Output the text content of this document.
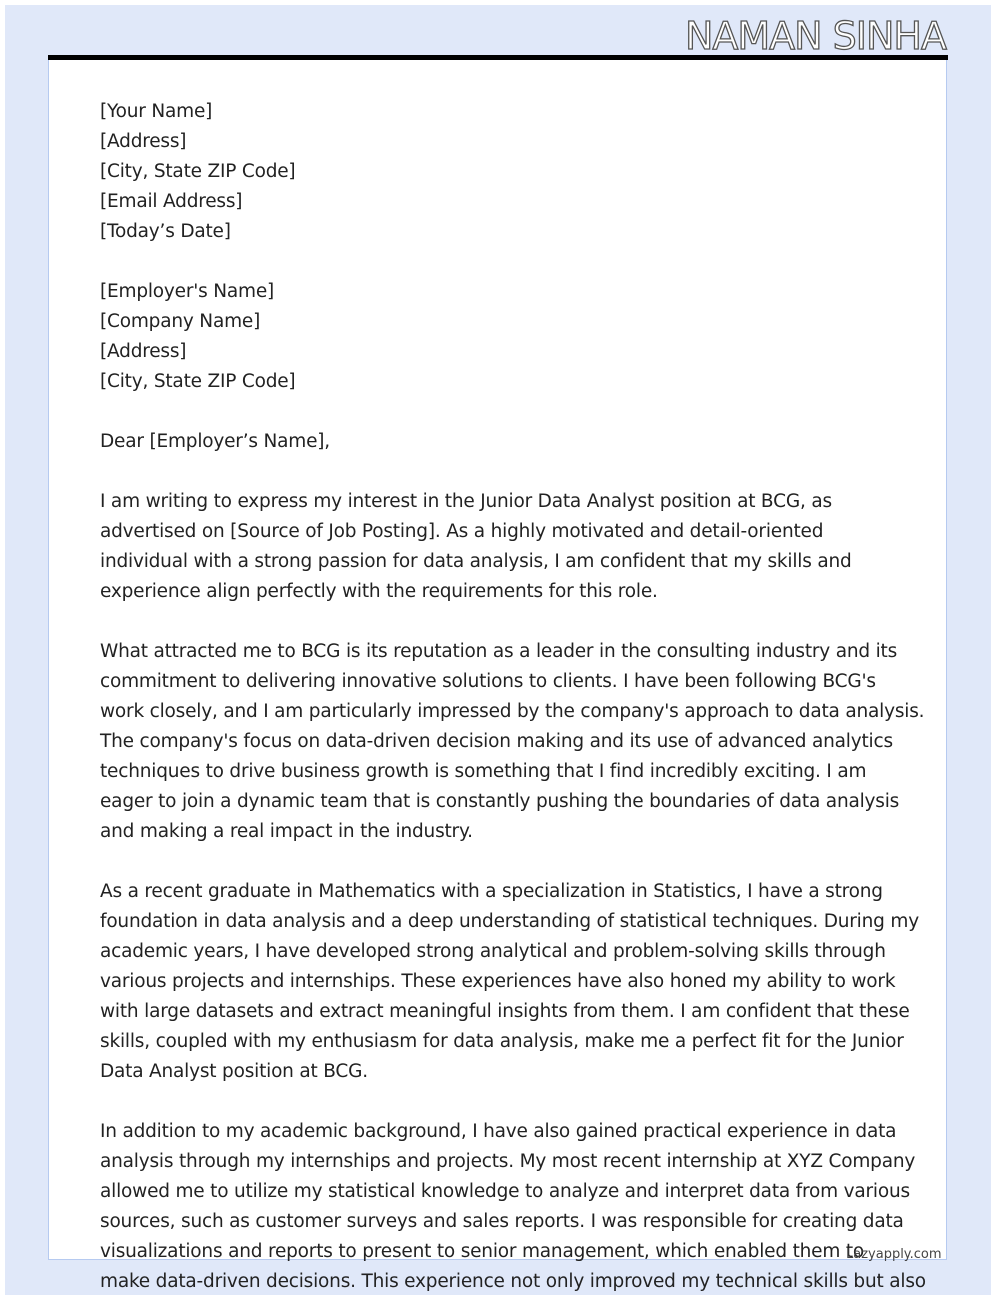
NAMAN SINHA
[Your Name]
[Address]
[City, State ZIP Code]
[Email Address]
[Today’s Date]
[Employer's Name]
[Company Name]
[Address]
[City, State ZIP Code]
Dear [Employer’s Name],
I am writing to express my interest in the Junior Data Analyst position at BCG, as
advertised on [Source of Job Posting]. As a highly motivated and detail-oriented
individual with a strong passion for data analysis, I am confident that my skills and
experience align perfectly with the requirements for this role.
What attracted me to BCG is its reputation as a leader in the consulting industry and its
commitment to delivering innovative solutions to clients. I have been following BCG's
work closely, and I am particularly impressed by the company's approach to data analysis.
The company's focus on data-driven decision making and its use of advanced analytics
techniques to drive business growth is something that I find incredibly exciting. I am
eager to join a dynamic team that is constantly pushing the boundaries of data analysis
and making a real impact in the industry.
As a recent graduate in Mathematics with a specialization in Statistics, I have a strong
foundation in data analysis and a deep understanding of statistical techniques. During my
academic years, I have developed strong analytical and problem-solving skills through
various projects and internships. These experiences have also honed my ability to work
with large datasets and extract meaningful insights from them. I am confident that these
skills, coupled with my enthusiasm for data analysis, make me a perfect fit for the Junior
Data Analyst position at BCG.
In addition to my academic background, I have also gained practical experience in data
analysis through my internships and projects. My most recent internship at XYZ Company
allowed me to utilize my statistical knowledge to analyze and interpret data from various
sources, such as customer surveys and sales reports. I was responsible for creating data
visualizations and reports to present to senior management, which enabled them to
make data-driven decisions. This experience not only improved my technical skills but also
Lazyapply.com
